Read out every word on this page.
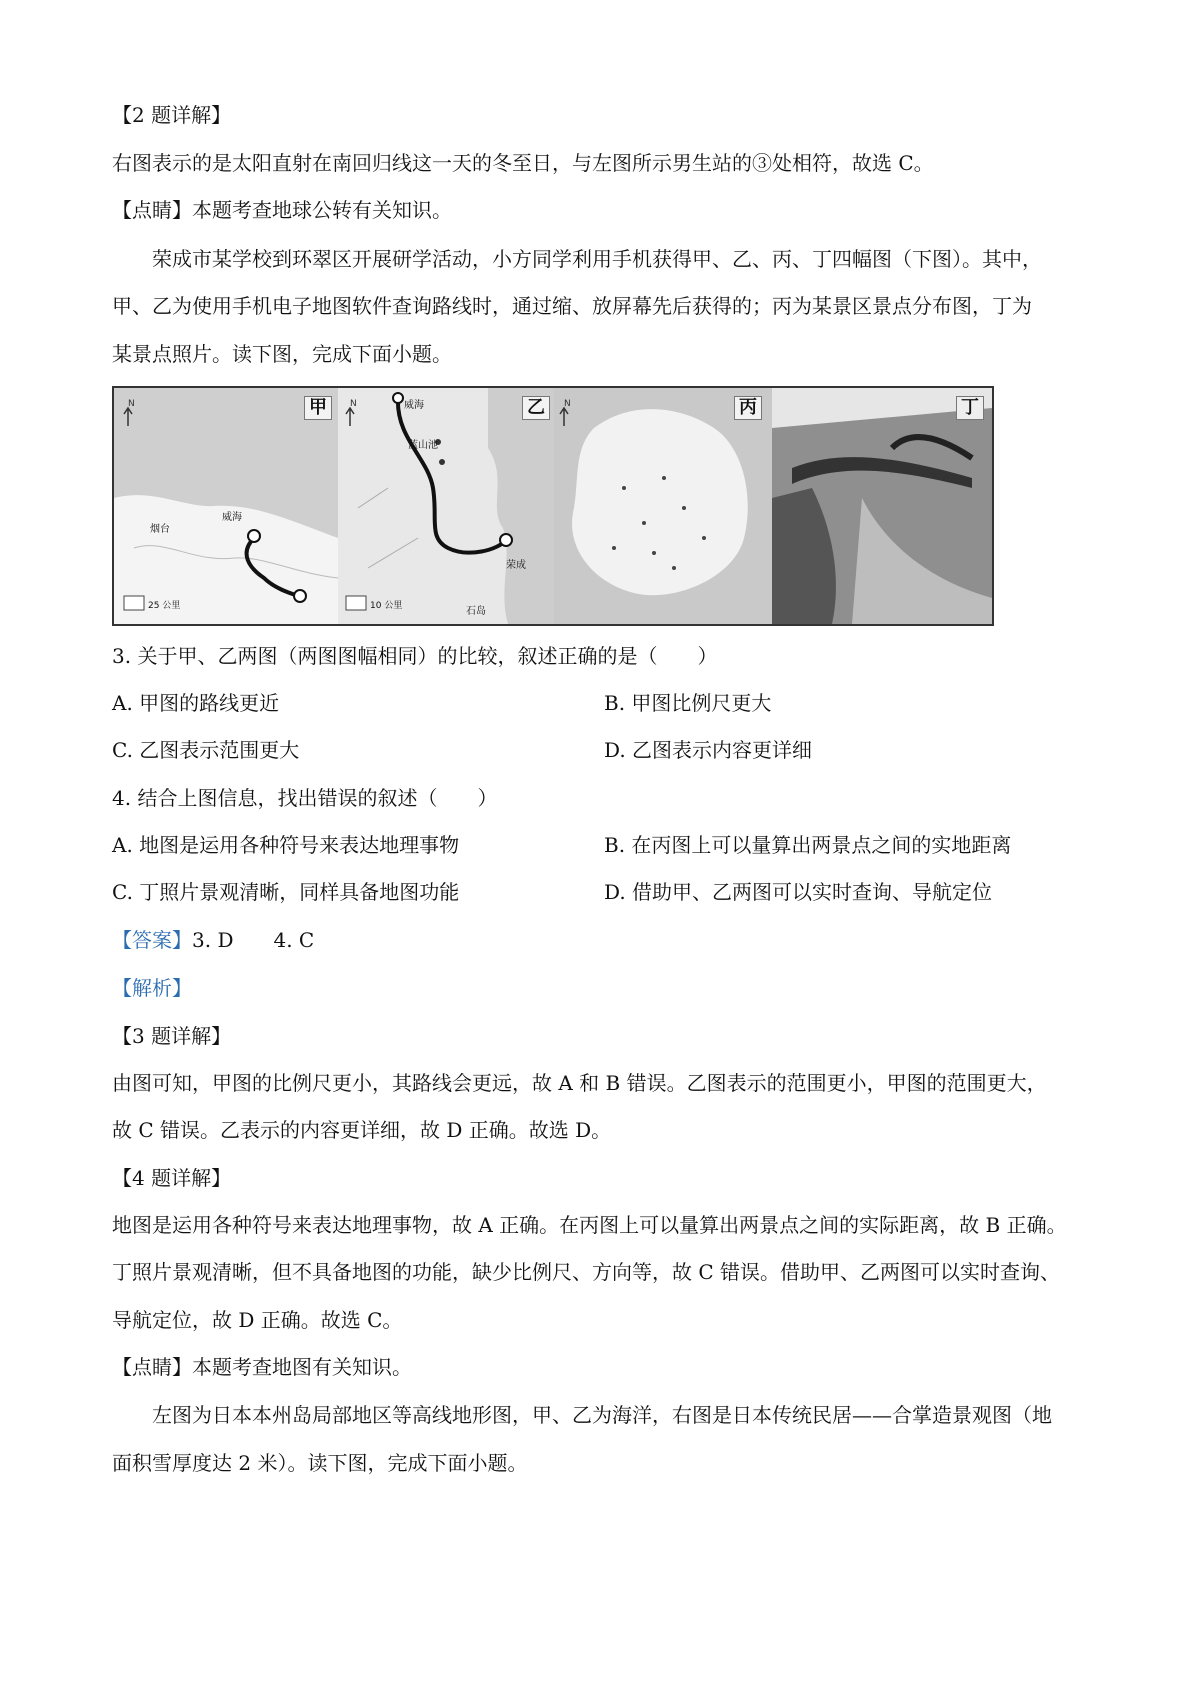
【2 题详解】
右图表示的是太阳直射在南回归线这一天的冬至日，与左图所示男生站的③处相符，故选 C。
【点睛】本题考查地球公转有关知识。
荣成市某学校到环翠区开展研学活动，小方同学利用手机获得甲、乙、丙、丁四幅图（下图）。其中，
甲、乙为使用手机电子地图软件查询路线时，通过缩、放屏幕先后获得的；丙为某景区景点分布图，丁为
某景点照片。读下图，完成下面小题。
N
威海
烟台
25 公里
甲	N	威海
蓝山池
荣成
石岛
10 公里
乙	N	丙	丁
3. 关于甲、乙两图（两图图幅相同）的比较，叙述正确的是（　　）
A. 甲图的路线更近	B. 甲图比例尺更大
C. 乙图表示范围更大	D. 乙图表示内容更详细
4. 结合上图信息，找出错误的叙述（　　）
A. 地图是运用各种符号来表达地理事物	B. 在丙图上可以量算出两景点之间的实地距离
C. 丁照片景观清晰，同样具备地图功能	D. 借助甲、乙两图可以实时查询、导航定位
【答案】3. D　　4. C
【解析】
【3 题详解】
由图可知，甲图的比例尺更小，其路线会更远，故 A 和 B 错误。乙图表示的范围更小，甲图的范围更大，
故 C 错误。乙表示的内容更详细，故 D 正确。故选 D。
【4 题详解】
地图是运用各种符号来表达地理事物，故 A 正确。在丙图上可以量算出两景点之间的实际距离，故 B 正确。
丁照片景观清晰，但不具备地图的功能，缺少比例尺、方向等，故 C 错误。借助甲、乙两图可以实时查询、
导航定位，故 D 正确。故选 C。
【点睛】本题考查地图有关知识。
左图为日本本州岛局部地区等高线地形图，甲、乙为海洋，右图是日本传统民居——合掌造景观图（地
面积雪厚度达 2 米）。读下图，完成下面小题。
